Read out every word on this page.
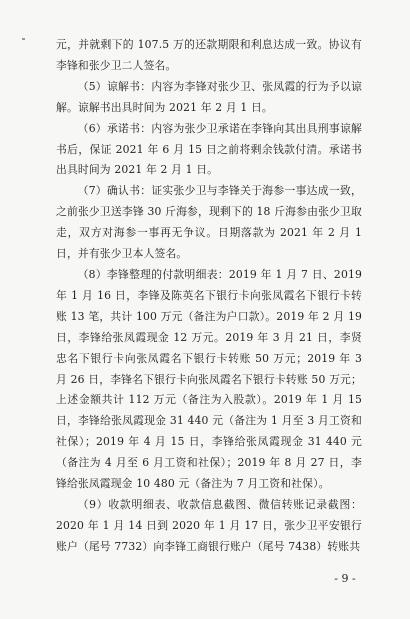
元，并就剩下的 107.5 万的还款期限和利息达成一致。协议有李锋和张少卫二人签名。

（5）谅解书：内容为李锋对张少卫、张凤霞的行为予以谅解。谅解书出具时间为 2021 年 2 月 1 日。

（6）承诺书：内容为张少卫承诺在李锋向其出具刑事谅解书后，保证 2021 年 6 月 15 日之前将剩余钱款付清。承诺书出具时间为 2021 年 2 月 1 日。

（7）确认书：证实张少卫与李锋关于海参一事达成一致，之前张少卫送李锋 30 斤海参，现剩下的 18 斤海参由张少卫取走，双方对海参一事再无争议。日期落款为 2021 年 2 月 1 日，并有张少卫本人签名。

（8）李锋整理的付款明细表：2019 年 1 月 7 日、2019 年 1 月 16 日，李锋及陈英名下银行卡向张凤霞名下银行卡转账 13 笔，共计 100 万元（备注为户口款）。2019 年 2 月 19 日，李锋给张凤霞现金 12 万元。2019 年 3 月 21 日，李贤忠名下银行卡向张凤霞名下银行卡转账 50 万元；2019 年 3 月 26 日，李锋名下银行卡向张凤霞名下银行卡转账 50 万元；上述金额共计 112 万元（备注为入股款）。2019 年 1 月 15 日，李锋给张凤霞现金 31 440 元（备注为 1 月至 3 月工资和社保）；2019 年 4 月 15 日，李锋给张凤霞现金 31 440 元（备注为 4 月至 6 月工资和社保）；2019 年 8 月 27 日，李锋给张凤霞现金 10 480 元（备注为 7 月工资和社保）。

（9）收款明细表、收款信息截图、微信转账记录截图：2020 年 1 月 14 日到 2020 年 1 月 17 日，张少卫平安银行账户（尾号 7732）向李锋工商银行账户（尾号 7438）转账共

- 9 -
